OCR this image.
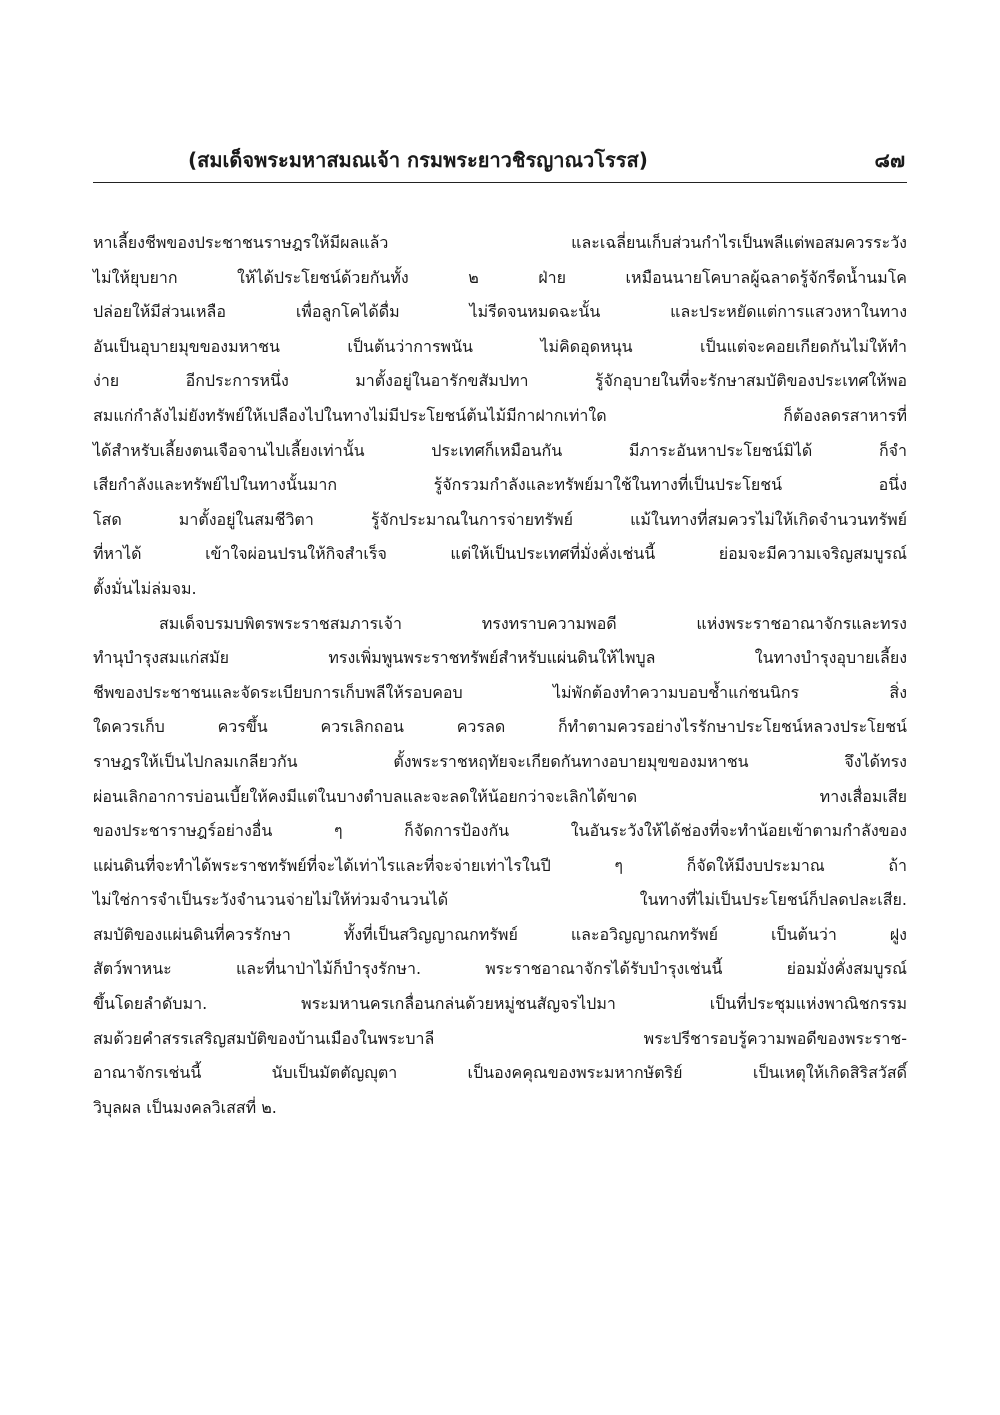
(สมเด็จพระมหาสมณเจ้า กรมพระยาวชิรญาณวโรรส)	๘๗
หาเลี้ยงชีพของประชาชนราษฎรให้มีผลแล้ว และเฉลี่ยนเก็บส่วนกำไรเป็นพลีแต่พอสมควรระวัง
ไม่ให้ยุบยาก ให้ได้ประโยชน์ด้วยกันทั้ง ๒ ฝ่าย เหมือนนายโคบาลผู้ฉลาดรู้จักรีดน้ำนมโค
ปล่อยให้มีส่วนเหลือ เพื่อลูกโคได้ดื่ม ไม่รีดจนหมดฉะนั้น และประหยัดแต่การแสวงหาในทาง
อันเป็นอุบายมุขของมหาชน เป็นต้นว่าการพนัน ไม่คิดอุดหนุน เป็นแต่จะคอยเกียดกันไม่ให้ทำ
ง่าย อีกประการหนึ่ง มาตั้งอยู่ในอารักขสัมปทา รู้จักอุบายในที่จะรักษาสมบัติของประเทศให้พอ
สมแก่กำลังไม่ยังทรัพย์ให้เปลืองไปในทางไม่มีประโยชน์ต้นไม้มีกาฝากเท่าใด ก็ต้องลดรสาหารที่
ได้สำหรับเลี้ยงตนเจือจานไปเลี้ยงเท่านั้น ประเทศก็เหมือนกัน มีภาระอันหาประโยชน์มิได้ ก็จำ
เสียกำลังและทรัพย์ไปในทางนั้นมาก รู้จักรวมกำลังและทรัพย์มาใช้ในทางที่เป็นประโยชน์ อนึ่ง
โสด มาตั้งอยู่ในสมชีวิตา รู้จักประมาณในการจ่ายทรัพย์ แม้ในทางที่สมควรไม่ให้เกิดจำนวนทรัพย์
ที่หาได้ เข้าใจผ่อนปรนให้กิจสำเร็จ แต่ให้เป็นประเทศที่มั่งคั่งเช่นนี้ ย่อมจะมีความเจริญสมบูรณ์
ตั้งมั่นไม่ล่มจม.
สมเด็จบรมบพิตรพระราชสมภารเจ้า ทรงทราบความพอดี แห่งพระราชอาณาจักรและทรง
ทำนุบำรุงสมแก่สมัย ทรงเพิ่มพูนพระราชทรัพย์สำหรับแผ่นดินให้ไพบูล ในทางบำรุงอุบายเลี้ยง
ชีพของประชาชนและจัดระเบียบการเก็บพลีให้รอบคอบ ไม่พักต้องทำความบอบช้ำแก่ชนนิกร สิ่ง
ใดควรเก็บ ควรขึ้น ควรเลิกถอน ควรลด ก็ทำตามควรอย่างไรรักษาประโยชน์หลวงประโยชน์
ราษฎรให้เป็นไปกลมเกลียวกัน ตั้งพระราชหฤทัยจะเกียดกันทางอบายมุขของมหาชน จึงได้ทรง
ผ่อนเลิกอาการบ่อนเบี้ยให้คงมีแต่ในบางตำบลและจะลดให้น้อยกว่าจะเลิกได้ขาด ทางเสื่อมเสีย
ของประชาราษฎร์อย่างอื่น ๆ ก็จัดการป้องกัน ในอันระวังให้ได้ช่องที่จะทำน้อยเข้าตามกำลังของ
แผ่นดินที่จะทำได้พระราชทรัพย์ที่จะได้เท่าไรและที่จะจ่ายเท่าไรในปี ๆ ก็จัดให้มีงบประมาณ ถ้า
ไม่ใช่การจำเป็นระวังจำนวนจ่ายไม่ให้ท่วมจำนวนได้ ในทางที่ไม่เป็นประโยชน์ก็ปลดปละเสีย.
สมบัติของแผ่นดินที่ควรรักษา ทั้งที่เป็นสวิญญาณกทรัพย์ และอวิญญาณกทรัพย์ เป็นต้นว่า ฝูง
สัตว์พาหนะ และที่นาป่าไม้ก็บำรุงรักษา. พระราชอาณาจักรได้รับบำรุงเช่นนี้ ย่อมมั่งคั่งสมบูรณ์
ขึ้นโดยลำดับมา. พระมหานครเกลื่อนกล่นด้วยหมู่ชนสัญจรไปมา เป็นที่ประชุมแห่งพาณิชกรรม
สมด้วยคำสรรเสริญสมบัติของบ้านเมืองในพระบาลี พระปรีชารอบรู้ความพอดีของพระราช-
อาณาจักรเช่นนี้ นับเป็นมัตตัญญุตา เป็นองคคุณของพระมหากษัตริย์ เป็นเหตุให้เกิดสิริสวัสดิ์
วิบุลผล เป็นมงคลวิเสสที่ ๒.
